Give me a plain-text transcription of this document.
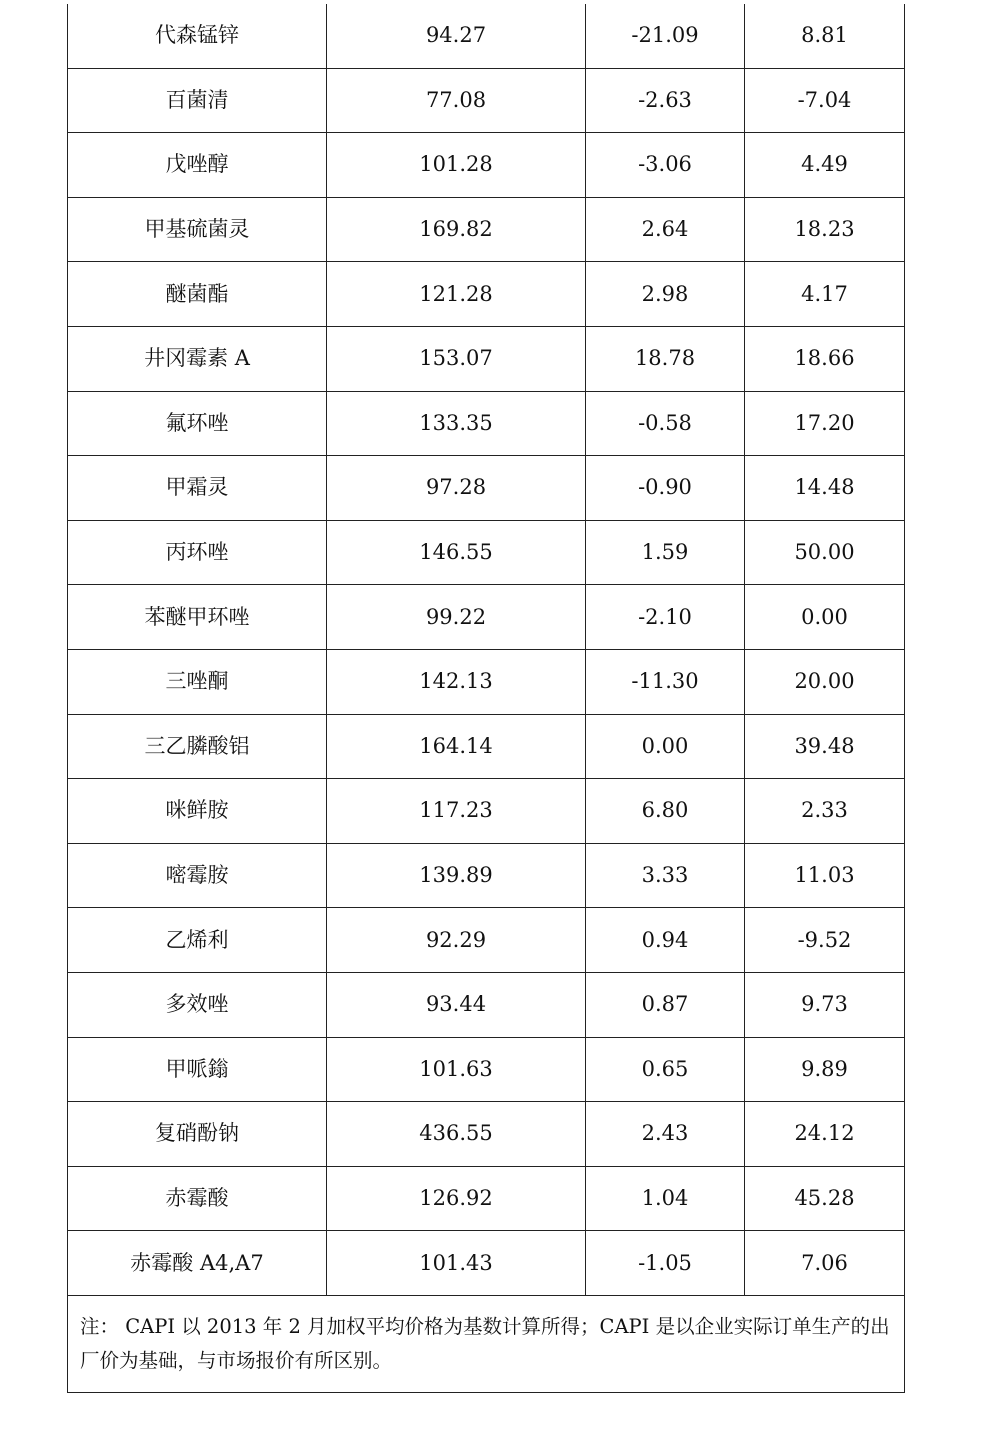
代森锰锌	94.27	-21.09	8.81
百菌清	77.08	-2.63	-7.04
戊唑醇	101.28	-3.06	4.49
甲基硫菌灵	169.82	2.64	18.23
醚菌酯	121.28	2.98	4.17
井冈霉素 A	153.07	18.78	18.66
氟环唑	133.35	-0.58	17.20
甲霜灵	97.28	-0.90	14.48
丙环唑	146.55	1.59	50.00
苯醚甲环唑	99.22	-2.10	0.00
三唑酮	142.13	-11.30	20.00
三乙膦酸铝	164.14	0.00	39.48
咪鲜胺	117.23	6.80	2.33
嘧霉胺	139.89	3.33	11.03
乙烯利	92.29	0.94	-9.52
多效唑	93.44	0.87	9.73
甲哌鎓	101.63	0.65	9.89
复硝酚钠	436.55	2.43	24.12
赤霉酸	126.92	1.04	45.28
赤霉酸 A4,A7	101.43	-1.05	7.06
注： CAPI 以 2013 年 2 月加权平均价格为基数计算所得；CAPI 是以企业实际订单生产的出厂价为基础，与市场报价有所区别。			
